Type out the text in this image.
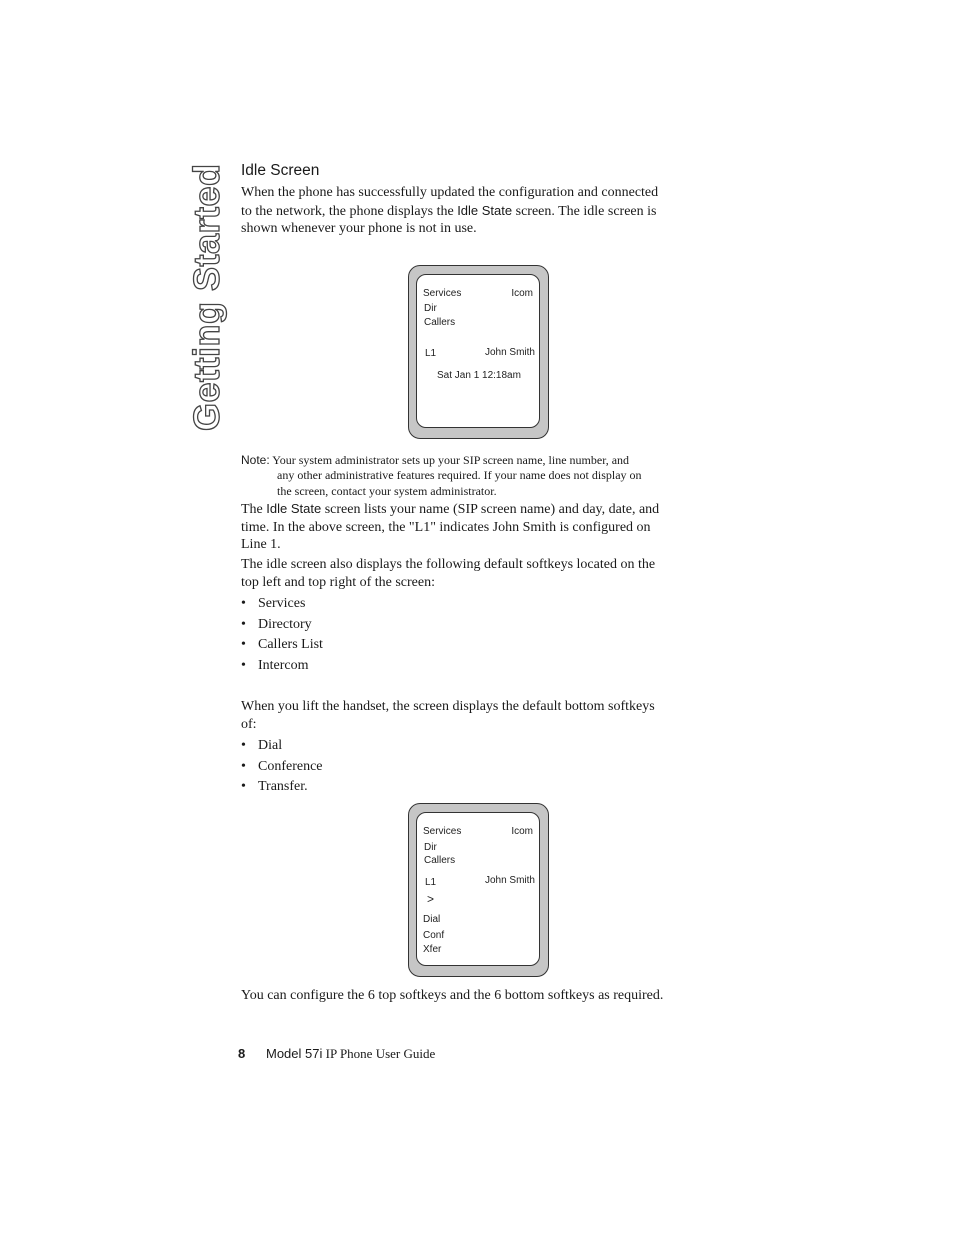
Getting Started Idle Screen

When the phone has successfully updated the configuration and connected
to the network, the phone displays the Idle State screen. The idle screen is
shown whenever your phone is not in use.

Services	Icom
Dir
Callers
L1	John Smith
Sat Jan 1 12:18am
Note: Your system administrator sets up your SIP screen name, line number, and
any other administrative features required. If your name does not display on
the screen, contact your system administrator.

The Idle State screen lists your name (SIP screen name) and day, date, and
time. In the above screen, the "L1" indicates John Smith is configured on
Line 1.

The idle screen also displays the following default softkeys located on the
top left and top right of the screen:

• Services
• Directory
• Callers List
• Intercom

When you lift the handset, the screen displays the default bottom softkeys
of:

• Dial
• Conference
• Transfer.
Services	Icom
Dir
Callers
L1	John Smith
>
Dial
Conf
Xfer

You can configure the 6 top softkeys and the 6 bottom softkeys as required.

8 Model 57i IP Phone User Guide
